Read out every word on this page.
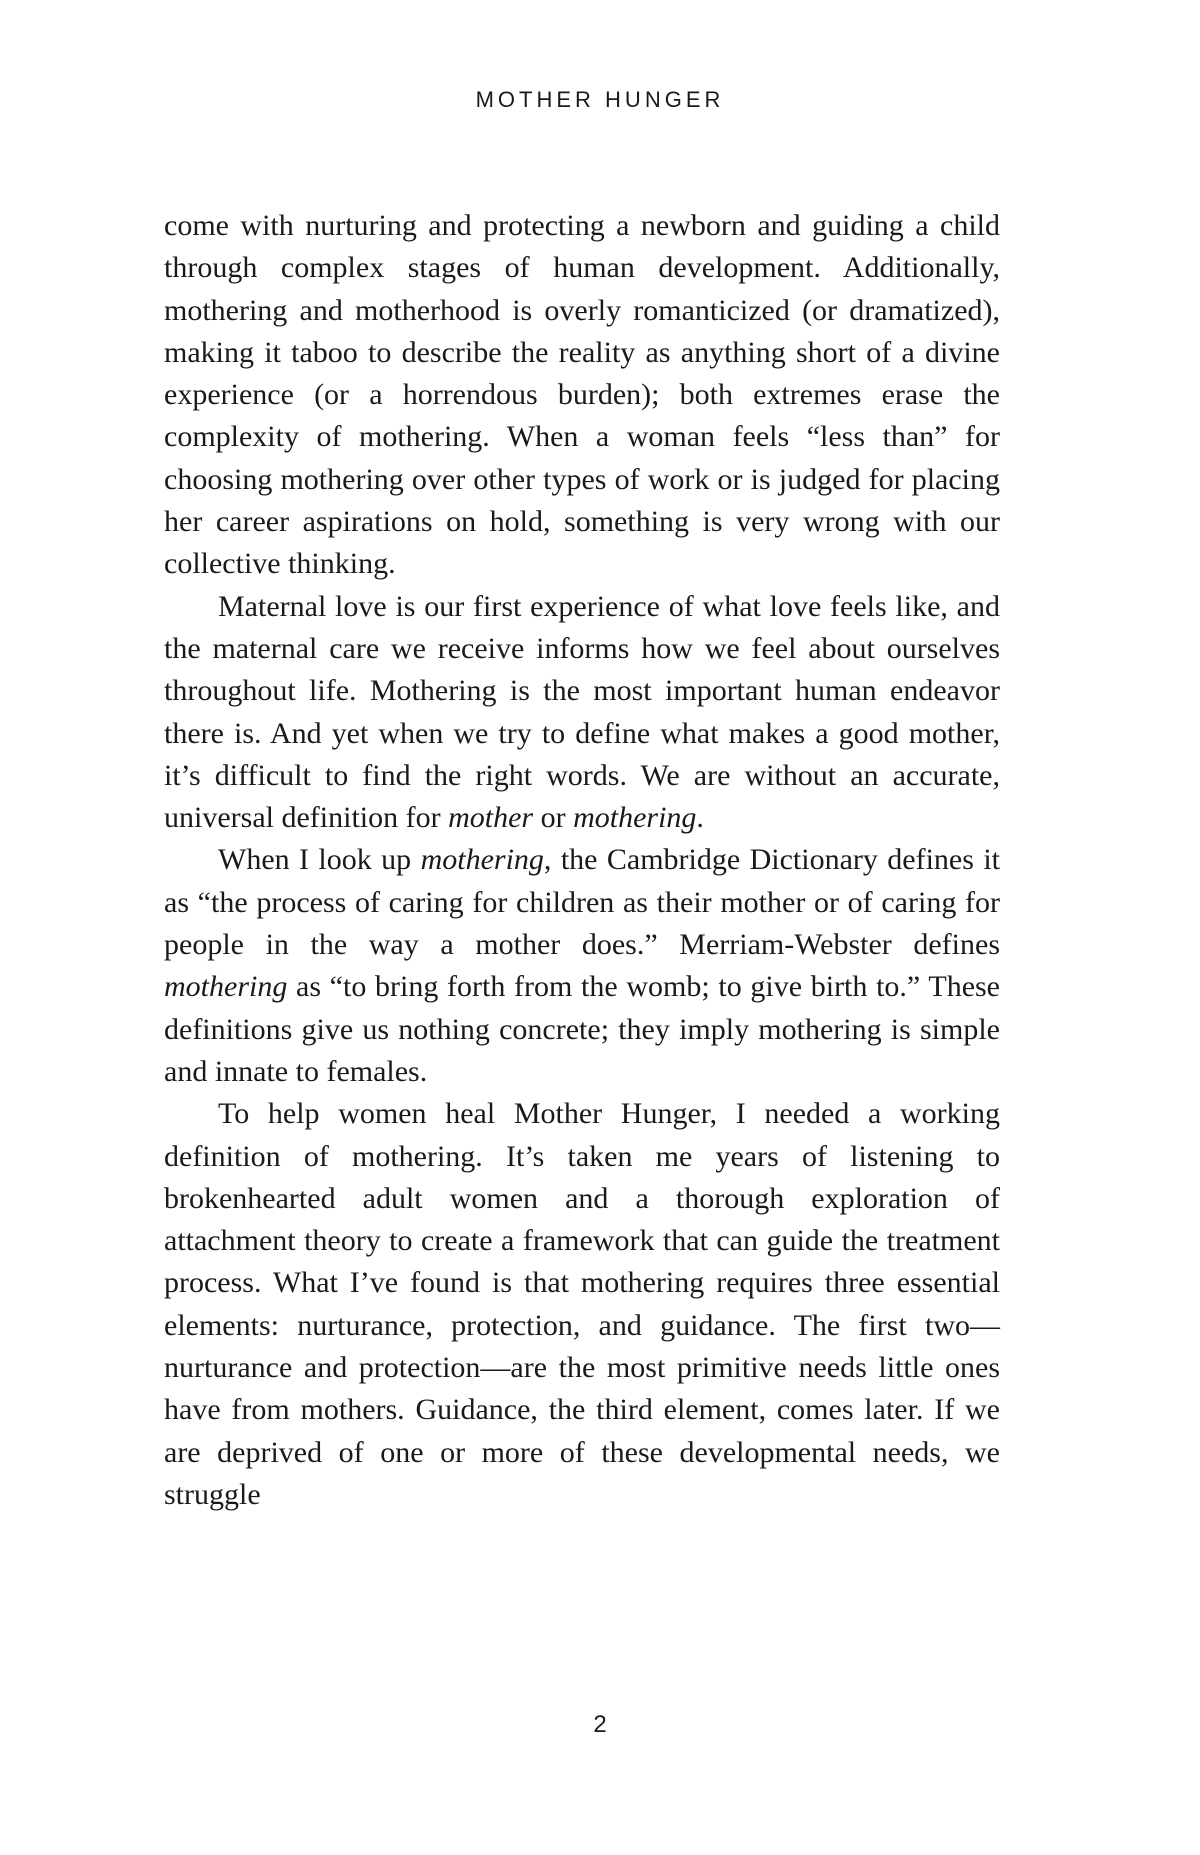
MOTHER HUNGER

come with nurturing and protecting a newborn and guiding a child through complex stages of human development. Additionally, mothering and motherhood is overly romanticized (or dramatized), making it taboo to describe the reality as anything short of a divine experience (or a horrendous burden); both extremes erase the complexity of mothering. When a woman feels “less than” for choosing mothering over other types of work or is judged for placing her career aspirations on hold, something is very wrong with our collective thinking.

Maternal love is our first experience of what love feels like, and the maternal care we receive informs how we feel about ourselves throughout life. Mothering is the most important human endeavor there is. And yet when we try to define what makes a good mother, it’s difficult to find the right words. We are without an accurate, universal definition for mother or mothering.

When I look up mothering, the Cambridge Dictionary defines it as “the process of caring for children as their mother or of caring for people in the way a mother does.” Merriam-Webster defines mothering as “to bring forth from the womb; to give birth to.” These definitions give us nothing concrete; they imply mothering is simple and innate to females.

To help women heal Mother Hunger, I needed a working definition of mothering. It’s taken me years of listening to brokenhearted adult women and a thorough exploration of attachment theory to create a framework that can guide the treatment process. What I’ve found is that mothering requires three essential elements: nurturance, protection, and guidance. The first two—nurturance and protection—are the most primitive needs little ones have from mothers. Guidance, the third element, comes later. If we are deprived of one or more of these developmental needs, we struggle

2
